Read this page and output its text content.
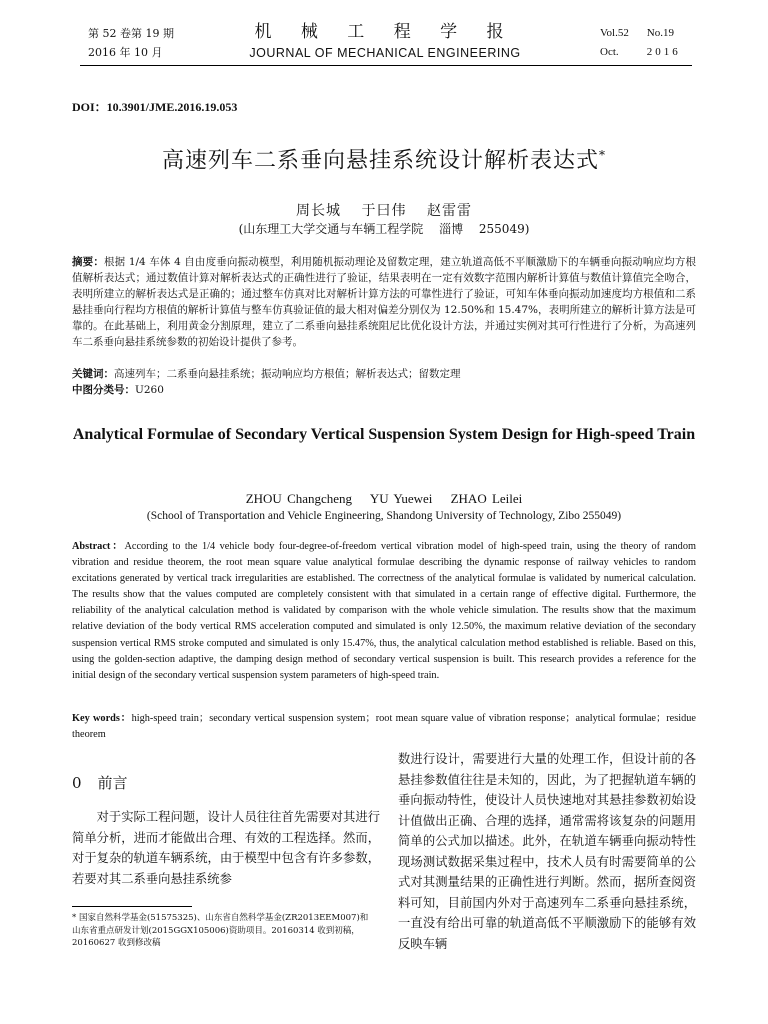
第 52 卷第 19 期
2016 年 10 月
机 械 工 程 学 报
JOURNAL OF MECHANICAL ENGINEERING
Vol.52 No.19
Oct.	2016
DOI：10.3901/JME.2016.19.053
高速列车二系垂向悬挂系统设计解析表达式*
周长城　 于曰伟　 赵雷雷
(山东理工大学交通与车辆工程学院　 淄博　 255049)
摘要：根据 1/4 车体 4 自由度垂向振动模型，利用随机振动理论及留数定理，建立轨道高低不平顺激励下的车辆垂向振动响应均方根值解析表达式；通过数值计算对解析表达式的正确性进行了验证，结果表明在一定有效数字范围内解析计算值与数值计算值完全吻合，表明所建立的解析表达式是正确的；通过整车仿真对比对解析计算方法的可靠性进行了验证，可知车体垂向振动加速度均方根值和二系悬挂垂向行程均方根值的解析计算值与整车仿真验证值的最大相对偏差分别仅为 12.50%和 15.47%，表明所建立的解析计算方法是可靠的。在此基础上，利用黄金分割原理，建立了二系垂向悬挂系统阻尼比优化设计方法，并通过实例对其可行性进行了分析，为高速列车二系垂向悬挂系统参数的初始设计提供了参考。
关键词：高速列车；二系垂向悬挂系统；振动响应均方根值；解析表达式；留数定理
中图分类号：U260
Analytical Formulae of Secondary Vertical Suspension System Design for High-speed Train
ZHOU Changcheng　 YU Yuewei　 ZHAO Leilei
(School of Transportation and Vehicle Engineering, Shandong University of Technology, Zibo 255049)
Abstract：According to the 1/4 vehicle body four-degree-of-freedom vertical vibration model of high-speed train, using the theory of random vibration and residue theorem, the root mean square value analytical formulae describing the dynamic response of railway vehicles to random excitations generated by vertical track irregularities are established. The correctness of the analytical formulae is validated by numerical calculation. The results show that the values computed are completely consistent with that simulated in a certain range of effective digital. Furthermore, the reliability of the analytical calculation method is validated by comparison with the whole vehicle simulation. The results show that the maximum relative deviation of the body vertical RMS acceleration computed and simulated is only 12.50%, the maximum relative deviation of the secondary suspension vertical RMS stroke computed and simulated is only 15.47%, thus, the analytical calculation method established is reliable. Based on this, using the golden-section adaptive, the damping design method of secondary vertical suspension is built. This research provides a reference for the initial design of the secondary vertical suspension system parameters of high-speed train.
Key words：high-speed train；secondary vertical suspension system；root mean square value of vibration response；analytical formulae；residue theorem
0 前言
对于实际工程问题，设计人员往往首先需要对其进行简单分析，进而才能做出合理、有效的工程选择。然而，对于复杂的轨道车辆系统，由于模型中包含有许多参数，若要对其二系垂向悬挂系统参
数进行设计，需要进行大量的处理工作，但设计前的各悬挂参数值往往是未知的，因此，为了把握轨道车辆的垂向振动特性，使设计人员快速地对其悬挂参数初始设计值做出正确、合理的选择，通常需将该复杂的问题用简单的公式加以描述。此外，在轨道车辆垂向振动特性现场测试数据采集过程中，技术人员有时需要简单的公式对其测量结果的正确性进行判断。然而，据所查阅资料可知，目前国内外对于高速列车二系垂向悬挂系统，一直没有给出可靠的轨道高低不平顺激励下的能够有效反映车辆
* 国家自然科学基金(51575325)、山东省自然科学基金(ZR2013EEM007)和山东省重点研发计划(2015GGX105006)资助项目。20160314 收到初稿，20160627 收到修改稿
